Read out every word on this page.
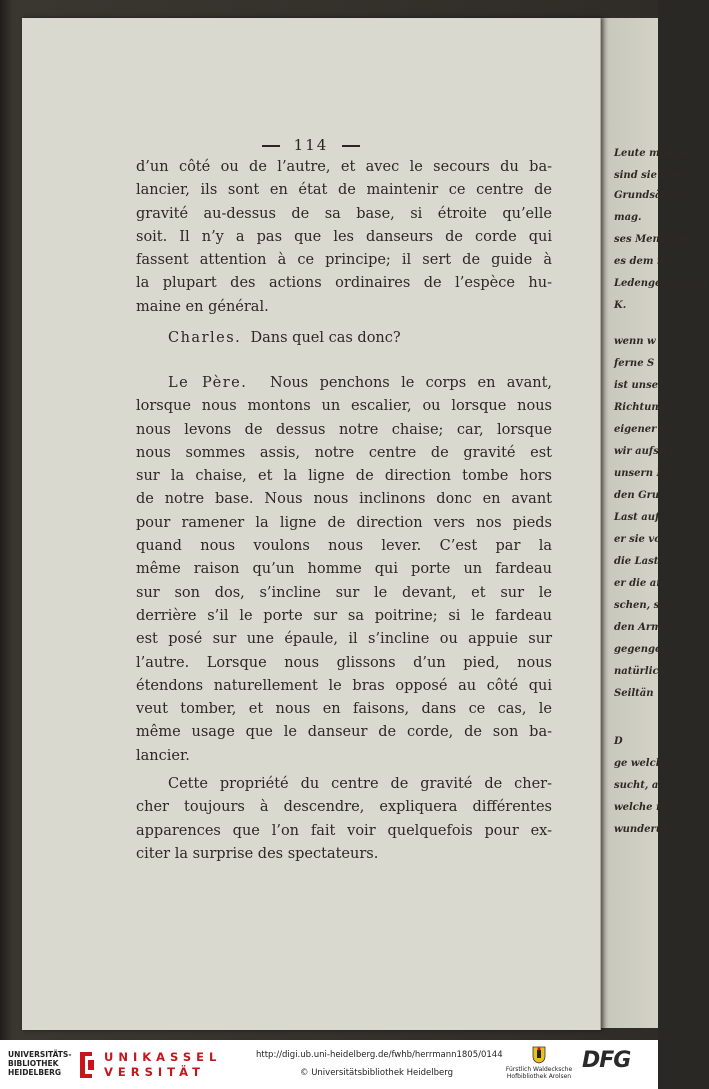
Leute mögen
sind sie von
Grundsätze
mag.
ses Menschen
es dem m
Ledengeschlecht
K.
wenn w
ferne S
ist unser
Richtung
eigener G
wir aufsteh
unsern Fü
den Gru
Last auf
er sie vo
die Last
er die an
schen, so
den Arm
gegenges
natürlich
Seiltän
D
ge welch
sucht, a
welche m
wunderun
114
d’un côté ou de l’autre, et avec le secours du ba-
lancier, ils sont en état de maintenir ce centre de
gravité au-dessus de sa base, si étroite qu’elle
soit. Il n’y a pas que les danseurs de corde qui
fassent attention à ce principe; il sert de guide à
la plupart des actions ordinaires de l’espèce hu-
maine en général.
Charles. Dans quel cas donc?
Le Père. Nous penchons le corps en avant,
lorsque nous montons un escalier, ou lorsque nous
nous levons de dessus notre chaise; car, lorsque
nous sommes assis, notre centre de gravité est
sur la chaise, et la ligne de direction tombe hors
de notre base. Nous nous inclinons donc en avant
pour ramener la ligne de direction vers nos pieds
quand nous voulons nous lever. C’est par la
même raison qu’un homme qui porte un fardeau
sur son dos, s’incline sur le devant, et sur le
derrière s’il le porte sur sa poitrine; si le fardeau
est posé sur une épaule, il s’incline ou appuie sur
l’autre. Lorsque nous glissons d’un pied, nous
étendons naturellement le bras opposé au côté qui
veut tomber, et nous en faisons, dans ce cas, le
même usage que le danseur de corde, de son ba-
lancier.
Cette propriété du centre de gravité de cher-
cher toujours à descendre, expliquera différentes
apparences que l’on fait voir quelquefois pour ex-
citer la surprise des spectateurs.
UNIVERSITÄTS-
BIBLIOTHEK
HEIDELBERG
UNIKASSEL
VERSITÄT
http://digi.ub.uni-heidelberg.de/fwhb/herrmann1805/0144
© Universitätsbibliothek Heidelberg	Fürstlich Waldecksche
Hofbibliothek Arolsen
DFG
